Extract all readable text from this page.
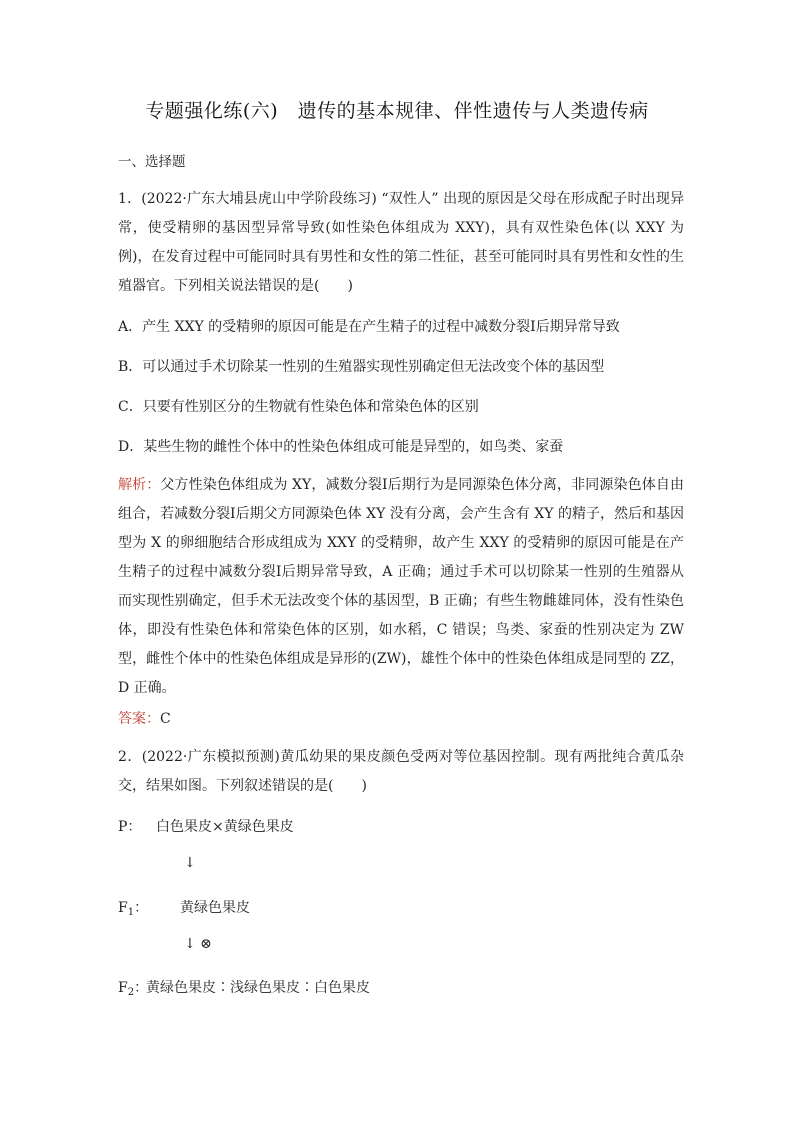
专题强化练(六)　遗传的基本规律、伴性遗传与人类遗传病
一、选择题
1．(2022·广东大埔县虎山中学阶段练习) “双性人” 出现的原因是父母在形成配子时出现异常，使受精卵的基因型异常导致(如性染色体组成为 XXY)，具有双性染色体(以 XXY 为例)，在发育过程中可能同时具有男性和女性的第二性征，甚至可能同时具有男性和女性的生殖器官。下列相关说法错误的是(　　)
A．产生 XXY 的受精卵的原因可能是在产生精子的过程中减数分裂Ⅰ后期异常导致
B．可以通过手术切除某一性别的生殖器实现性别确定但无法改变个体的基因型
C．只要有性别区分的生物就有性染色体和常染色体的区别
D．某些生物的雌性个体中的性染色体组成可能是异型的，如鸟类、家蚕
解析：父方性染色体组成为 XY，减数分裂Ⅰ后期行为是同源染色体分离，非同源染色体自由组合，若减数分裂Ⅰ后期父方同源染色体 XY 没有分离，会产生含有 XY 的精子，然后和基因型为 X 的卵细胞结合形成组成为 XXY 的受精卵，故产生 XXY 的受精卵的原因可能是在产生精子的过程中减数分裂Ⅰ后期异常导致，A 正确；通过手术可以切除某一性别的生殖器从而实现性别确定，但手术无法改变个体的基因型，B 正确；有些生物雌雄同体，没有性染色体，即没有性染色体和常染色体的区别，如水稻，C 错误；鸟类、家蚕的性别决定为 ZW 型，雌性个体中的性染色体组成是异形的(ZW)，雄性个体中的性染色体组成是同型的 ZZ，D 正确。
答案：C
2．(2022·广东模拟预测)黄瓜幼果的果皮颜色受两对等位基因控制。现有两批纯合黄瓜杂交，结果如图。下列叙述错误的是(　　)
P： 白色果皮×黄绿色果皮
↓
$F_1$： 黄绿色果皮
↓ ⊗
$F_2$：
黄绿色果皮∶浅绿色果皮∶白色果皮
